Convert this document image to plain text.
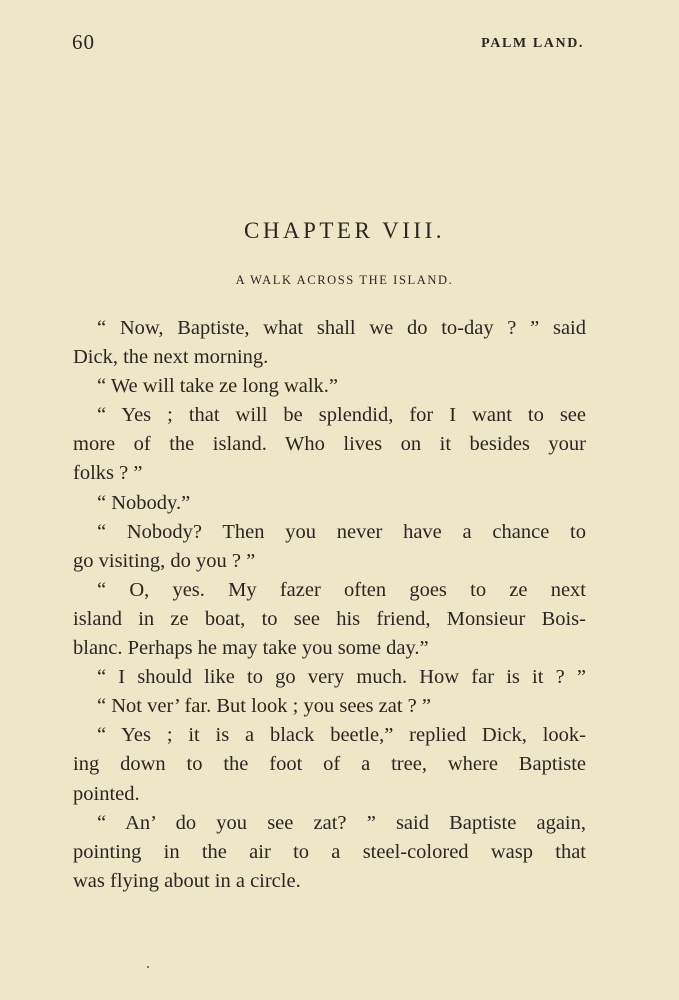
60	PALM LAND.
CHAPTER VIII.
A WALK ACROSS THE ISLAND.
“ Now, Baptiste, what shall we do to-day ? ” said
Dick, the next morning.
“ We will take ze long walk.”
“ Yes ; that will be splendid, for I want to see
more of the island. Who lives on it besides your
folks ? ”
“ Nobody.”
“ Nobody? Then you never have a chance to
go visiting, do you ? ”
“ O, yes. My fazer often goes to ze next
island in ze boat, to see his friend, Monsieur Bois-
blanc. Perhaps he may take you some day.”
“ I should like to go very much. How far is it ? ”
“ Not ver’ far. But look ; you sees zat ? ”
“ Yes ; it is a black beetle,” replied Dick, look-
ing down to the foot of a tree, where Baptiste
pointed.
“ An’ do you see zat? ” said Baptiste again,
pointing in the air to a steel-colored wasp that
was flying about in a circle.
